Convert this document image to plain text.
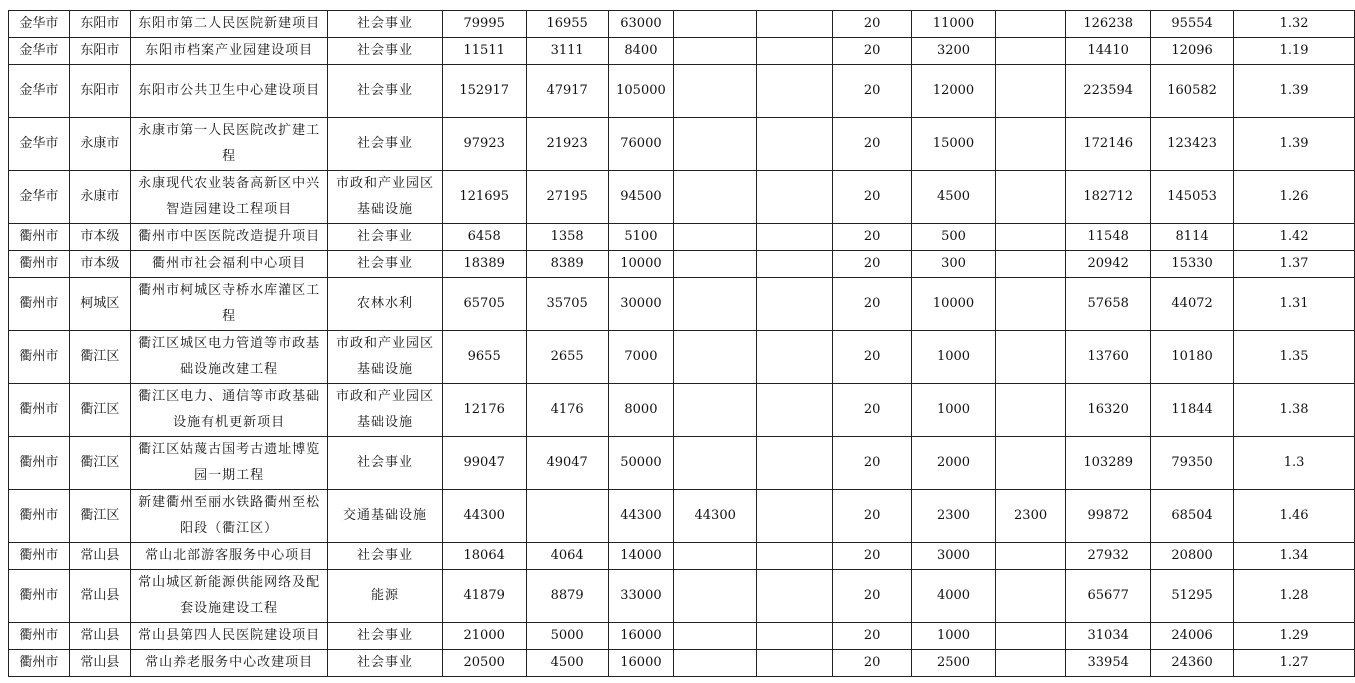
金华市	东阳市	东阳市第二人民医院新建项目	社会事业	79995	16955	63000			20	11000		126238	95554	1.32
金华市	东阳市	东阳市档案产业园建设项目	社会事业	11511	3111	8400			20	3200		14410	12096	1.19
金华市	东阳市	东阳市公共卫生中心建设项目	社会事业	152917	47917	105000			20	12000		223594	160582	1.39
金华市	永康市	永康市第一人民医院改扩建工程	社会事业	97923	21923	76000			20	15000		172146	123423	1.39
金华市	永康市	永康现代农业装备高新区中兴智造园建设工程项目	市政和产业园区基础设施	121695	27195	94500			20	4500		182712	145053	1.26
衢州市	市本级	衢州市中医医院改造提升项目	社会事业	6458	1358	5100			20	500		11548	8114	1.42
衢州市	市本级	衢州市社会福利中心项目	社会事业	18389	8389	10000			20	300		20942	15330	1.37
衢州市	柯城区	衢州市柯城区寺桥水库灌区工程	农林水利	65705	35705	30000			20	10000		57658	44072	1.31
衢州市	衢江区	衢江区城区电力管道等市政基础设施改建工程	市政和产业园区基础设施	9655	2655	7000			20	1000		13760	10180	1.35
衢州市	衢江区	衢江区电力、通信等市政基础设施有机更新项目	市政和产业园区基础设施	12176	4176	8000			20	1000		16320	11844	1.38
衢州市	衢江区	衢江区姑蔑古国考古遗址博览园一期工程	社会事业	99047	49047	50000			20	2000		103289	79350	1.3
衢州市	衢江区	新建衢州至丽水铁路衢州至松阳段（衢江区）	交通基础设施	44300		44300	44300		20	2300	2300	99872	68504	1.46
衢州市	常山县	常山北部游客服务中心项目	社会事业	18064	4064	14000			20	3000		27932	20800	1.34
衢州市	常山县	常山城区新能源供能网络及配套设施建设工程	能源	41879	8879	33000			20	4000		65677	51295	1.28
衢州市	常山县	常山县第四人民医院建设项目	社会事业	21000	5000	16000			20	1000		31034	24006	1.29
衢州市	常山县	常山养老服务中心改建项目	社会事业	20500	4500	16000			20	2500		33954	24360	1.27
